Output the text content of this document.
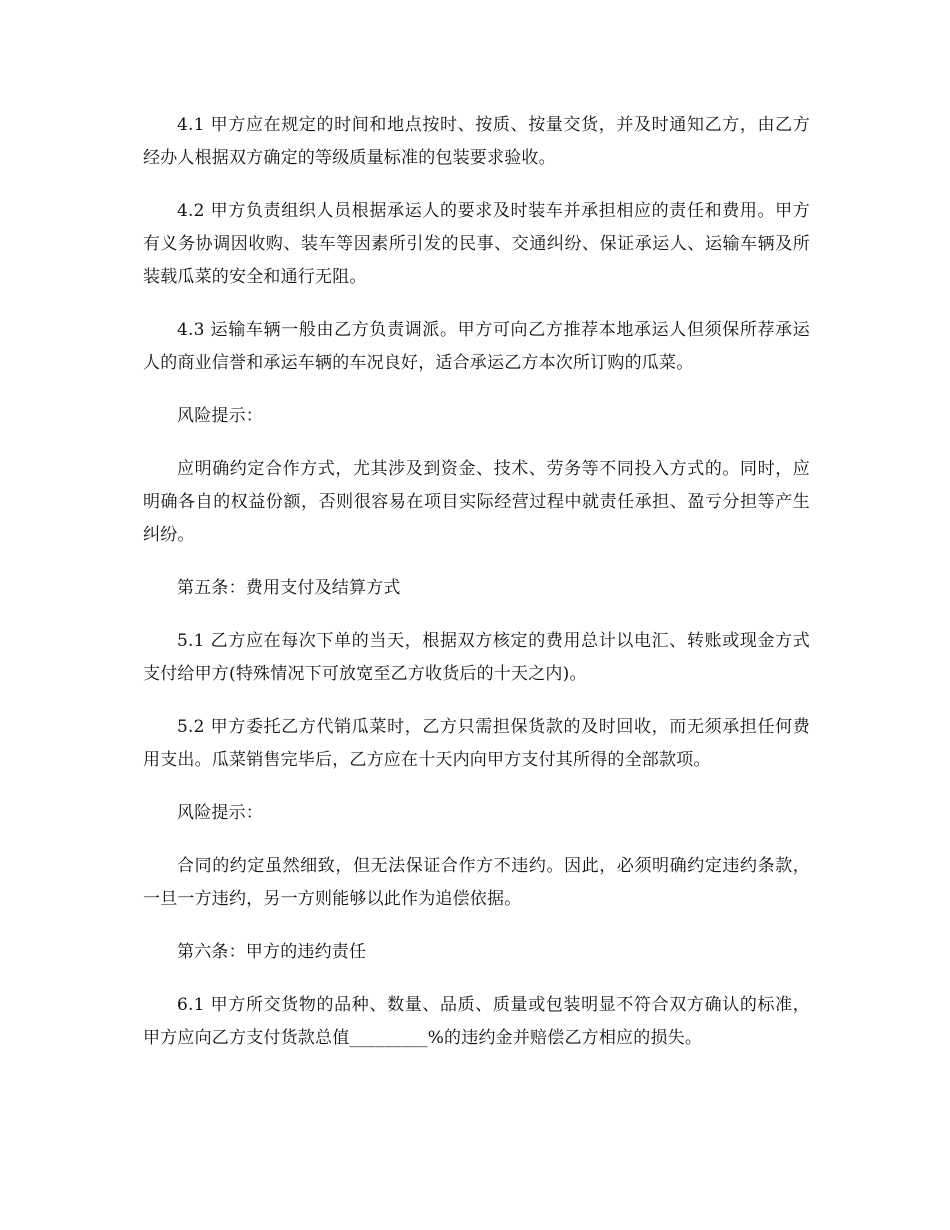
4.1 甲方应在规定的时间和地点按时、按质、按量交货，并及时通知乙方，由乙方经办人根据双方确定的等级质量标准的包装要求验收。

4.2 甲方负责组织人员根据承运人的要求及时装车并承担相应的责任和费用。甲方有义务协调因收购、装车等因素所引发的民事、交通纠纷、保证承运人、运输车辆及所装载瓜菜的安全和通行无阻。

4.3 运输车辆一般由乙方负责调派。甲方可向乙方推荐本地承运人但须保所荐承运人的商业信誉和承运车辆的车况良好，适合承运乙方本次所订购的瓜菜。

风险提示：

应明确约定合作方式，尤其涉及到资金、技术、劳务等不同投入方式的。同时，应明确各自的权益份额，否则很容易在项目实际经营过程中就责任承担、盈亏分担等产生纠纷。

第五条：费用支付及结算方式

5.1 乙方应在每次下单的当天，根据双方核定的费用总计以电汇、转账或现金方式支付给甲方(特殊情况下可放宽至乙方收货后的十天之内)。

5.2 甲方委托乙方代销瓜菜时，乙方只需担保货款的及时回收，而无须承担任何费用支出。瓜菜销售完毕后，乙方应在十天内向甲方支付其所得的全部款项。

风险提示：

合同的约定虽然细致，但无法保证合作方不违约。因此，必须明确约定违约条款，一旦一方违约，另一方则能够以此作为追偿依据。

第六条：甲方的违约责任

6.1 甲方所交货物的品种、数量、品质、质量或包装明显不符合双方确认的标准，甲方应向乙方支付货款总值_________%的违约金并赔偿乙方相应的损失。
